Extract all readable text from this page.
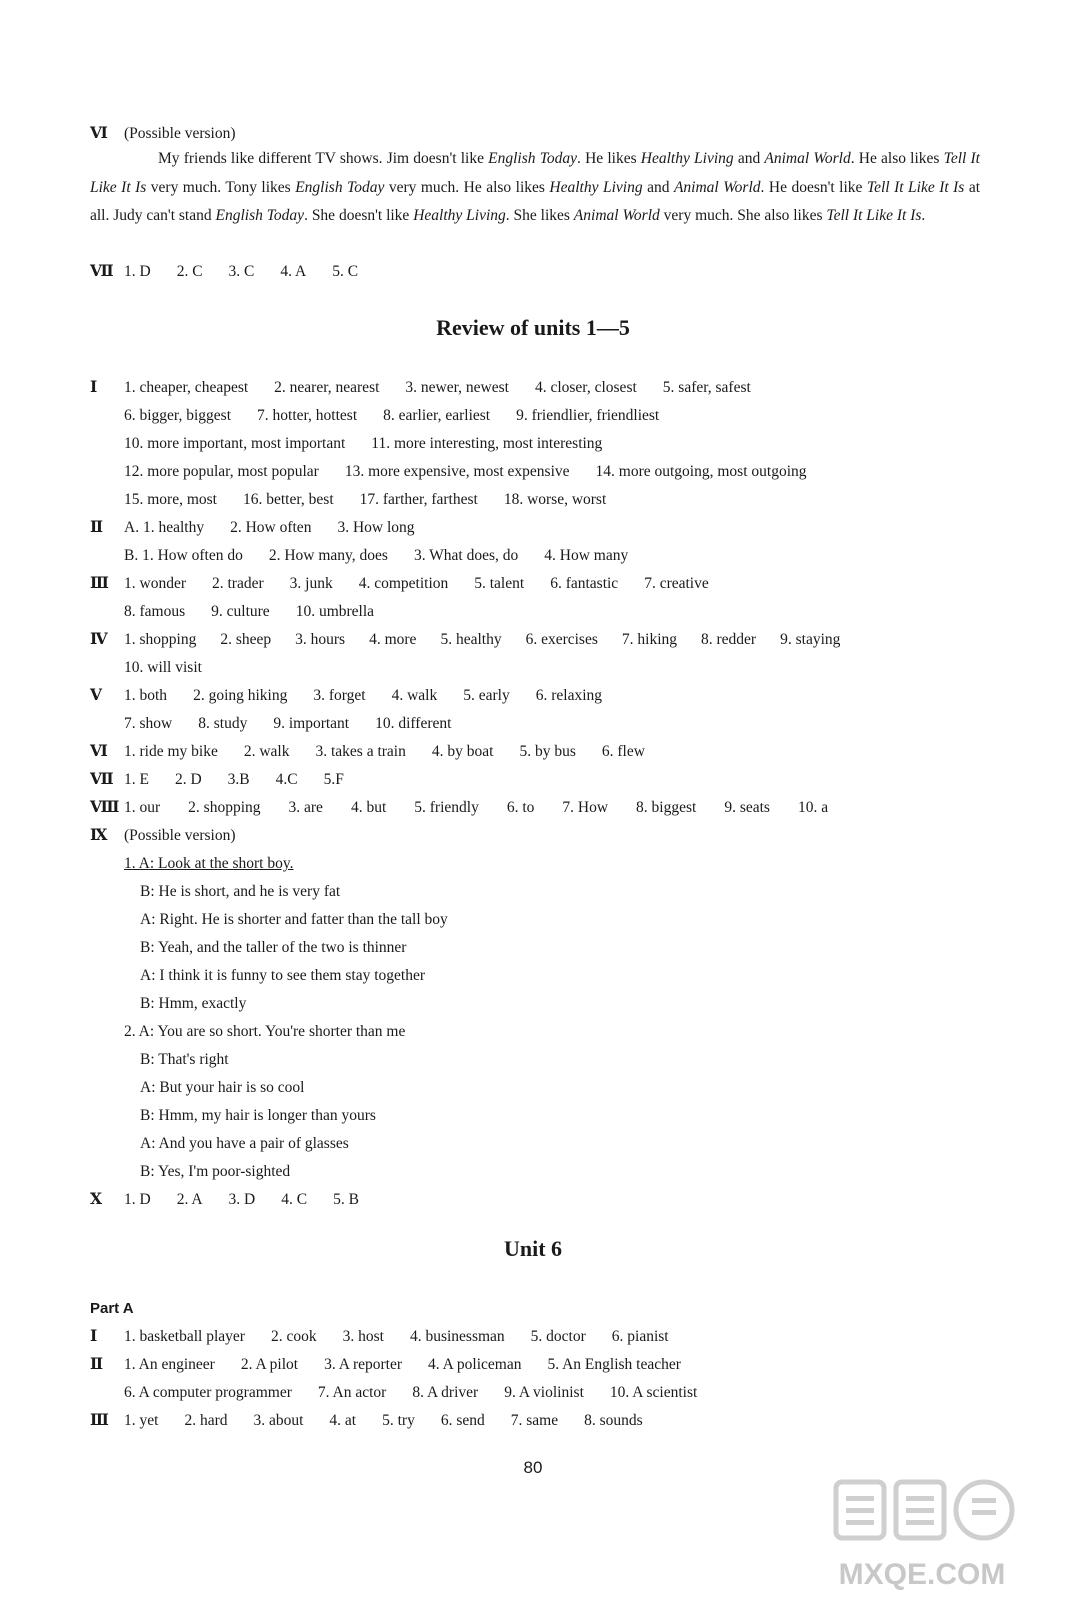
Ⅵ	(Possible version)

My friends like different TV shows. Jim doesn't like English Today. He likes Healthy Living and Animal World. He also likes Tell It Like It Is very much. Tony likes English Today very much. He also likes Healthy Living and Animal World. He doesn't like Tell It Like It Is at all. Judy can't stand English Today. She doesn't like Healthy Living. She likes Animal World very much. She also likes Tell It Like It Is.

Ⅶ 1. D 2. C 3. C 4. A 5. C
Review of units 1—5
Ⅰ	1. cheaper, cheapest 2. nearer, nearest 3. newer, newest 4. closer, closest 5. safer, safest
6. bigger, biggest 7. hotter, hottest 8. earlier, earliest 9. friendlier, friendliest
10. more important, most important 11. more interesting, most interesting
12. more popular, most popular 13. more expensive, most expensive 14. more outgoing, most outgoing
15. more, most 16. better, best 17. farther, farthest 18. worse, worst
Ⅱ	A. 1. healthy 2. How often 3. How long
B. 1. How often do 2. How many, does 3. What does, do 4. How many
Ⅲ 1. wonder 2. trader 3. junk 4. competition 5. talent 6. fantastic 7. creative
8. famous 9. culture 10. umbrella
Ⅳ	1. shopping 2. sheep 3. hours 4. more 5. healthy 6. exercises 7. hiking 8. redder 9. staying
10. will visit
Ⅴ	1. both 2. going hiking 3. forget 4. walk 5. early 6. relaxing
7. show 8. study 9. important 10. different
Ⅵ	1. ride my bike 2. walk 3. takes a train 4. by boat 5. by bus 6. flew
Ⅶ 1. E 2. D 3.B 4.C 5.F
Ⅷ 1. our 2. shopping 3. are 4. but 5. friendly 6. to 7. How 8. biggest 9. seats 10. a
Ⅸ	(Possible version)
1. A: Look at the short boy.
B: He is short, and he is very fat
A: Right. He is shorter and fatter than the tall boy
B: Yeah, and the taller of the two is thinner
A: I think it is funny to see them stay together
B: Hmm, exactly
2. A: You are so short. You're shorter than me
B: That's right
A: But your hair is so cool
B: Hmm, my hair is longer than yours
A: And you have a pair of glasses
B: Yes, I'm poor-sighted
Ⅹ	1. D 2. A 3. D 4. C 5. B
Unit 6
Part A
Ⅰ	1. basketball player 2. cook 3. host 4. businessman 5. doctor 6. pianist
Ⅱ	1. An engineer 2. A pilot 3. A reporter 4. A policeman 5. An English teacher
6. A computer programmer 7. An actor 8. A driver 9. A violinist 10. A scientist
Ⅲ 1. yet 2. hard 3. about 4. at 5. try 6. send 7. same 8. sounds
80
MXQE.COM
